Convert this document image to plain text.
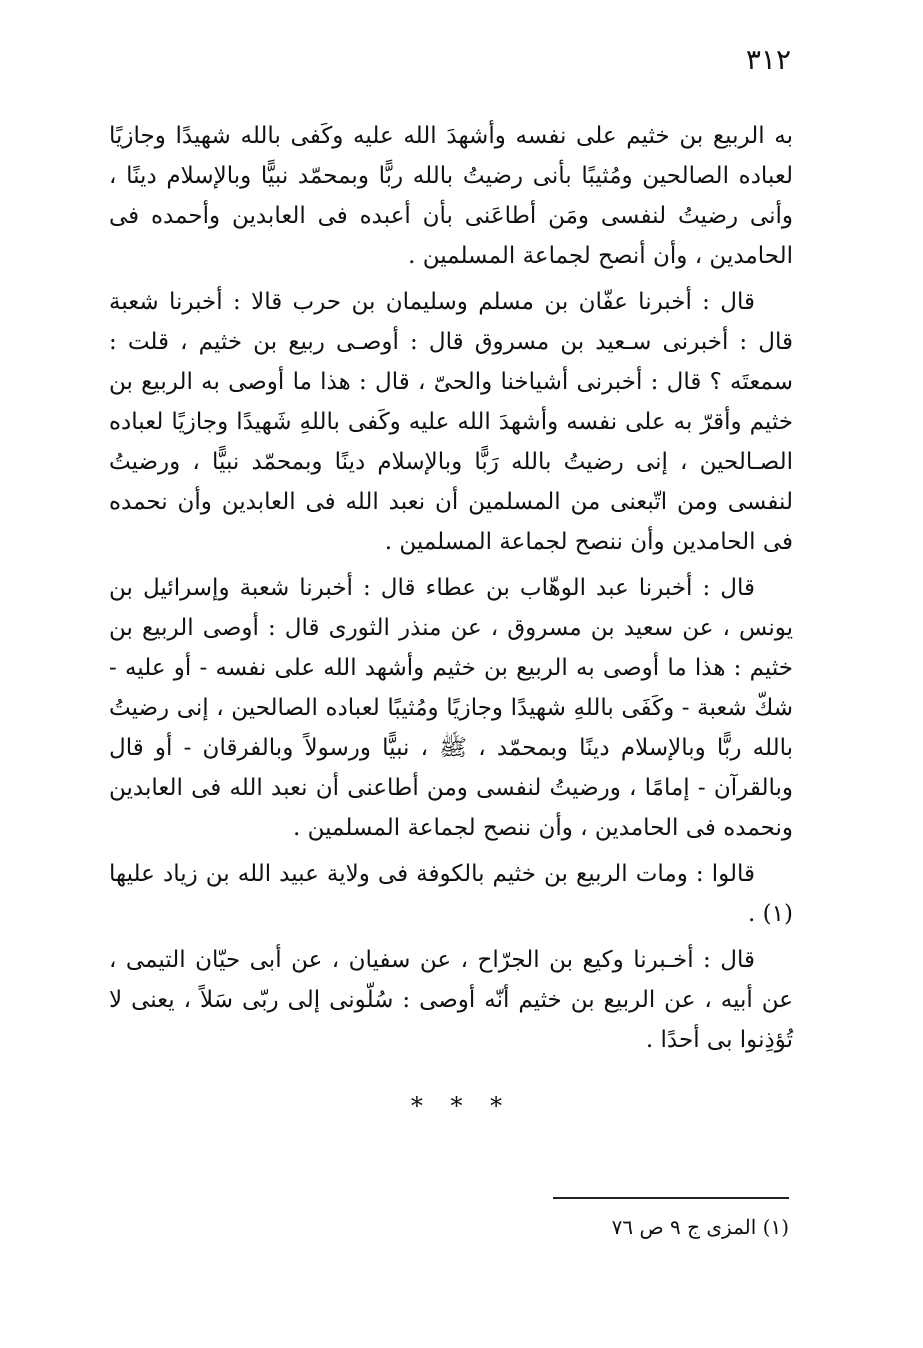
٣١٢

به الربيع بن خثيم على نفسه وأشهدَ الله عليه وكَفى بالله شهيدًا وجازيًا لعباده الصالحين ومُثيبًا بأنى رضيتُ بالله ربًّا وبمحمّد نبيًّا وبالإسلام دينًا ، وأنى رضيتُ لنفسى ومَن أطاعَنى بأن أعبده فى العابدين وأحمده فى الحامدين ، وأن أنصح لجماعة المسلمين .

قال : أخبرنا عفّان بن مسلم وسليمان بن حرب قالا : أخبرنا شعبة قال : أخبرنى سـعيد بن مسروق قال : أوصـى ربيع بن خثيم ، قلت : سمعتَه ؟ قال : أخبرنى أشياخنا والحىّ ، قال : هذا ما أوصى به الربيع بن خثيم وأقرّ به على نفسه وأشهدَ الله عليه وكَفى باللهِ شَهيدًا وجازيًا لعباده الصـالحين ، إنى رضيتُ بالله رَبًّا وبالإسلام دينًا وبمحمّد نبيًّا ، ورضيتُ لنفسى ومن اتّبعنى من المسلمين أن نعبد الله فى العابدين وأن نحمده فى الحامدين وأن ننصح لجماعة المسلمين .

قال : أخبرنا عبد الوهّاب بن عطاء قال : أخبرنا شعبة وإسرائيل بن يونس ، عن سعيد بن مسروق ، عن منذر الثورى قال : أوصى الربيع بن خثيم : هذا ما أوصى به الربيع بن خثيم وأشهد الله على نفسه - أو عليه - شكّ شعبة - وكَفَى باللهِ شهيدًا وجازيًا ومُثيبًا لعباده الصالحين ، إنى رضيتُ بالله ربًّا وبالإسلام دينًا وبمحمّد ، ﷺ ، نبيًّا ورسولاً وبالفرقان - أو قال وبالقرآن - إمامًا ، ورضيتُ لنفسى ومن أطاعنى أن نعبد الله فى العابدين ونحمده فى الحامدين ، وأن ننصح لجماعة المسلمين .

قالوا : ومات الربيع بن خثيم بالكوفة فى ولاية عبيد الله بن زياد عليها (١) .

قال : أخـبرنا وكيع بن الجرّاح ، عن سفيان ، عن أبى حيّان التيمى ، عن أبيه ، عن الربيع بن خثيم أنّه أوصى : سُلّونى إلى ربّى سَلاً ، يعنى لا تُؤذِنوا بى أحدًا .

* * *
(١) المزى ج ٩ ص ٧٦
